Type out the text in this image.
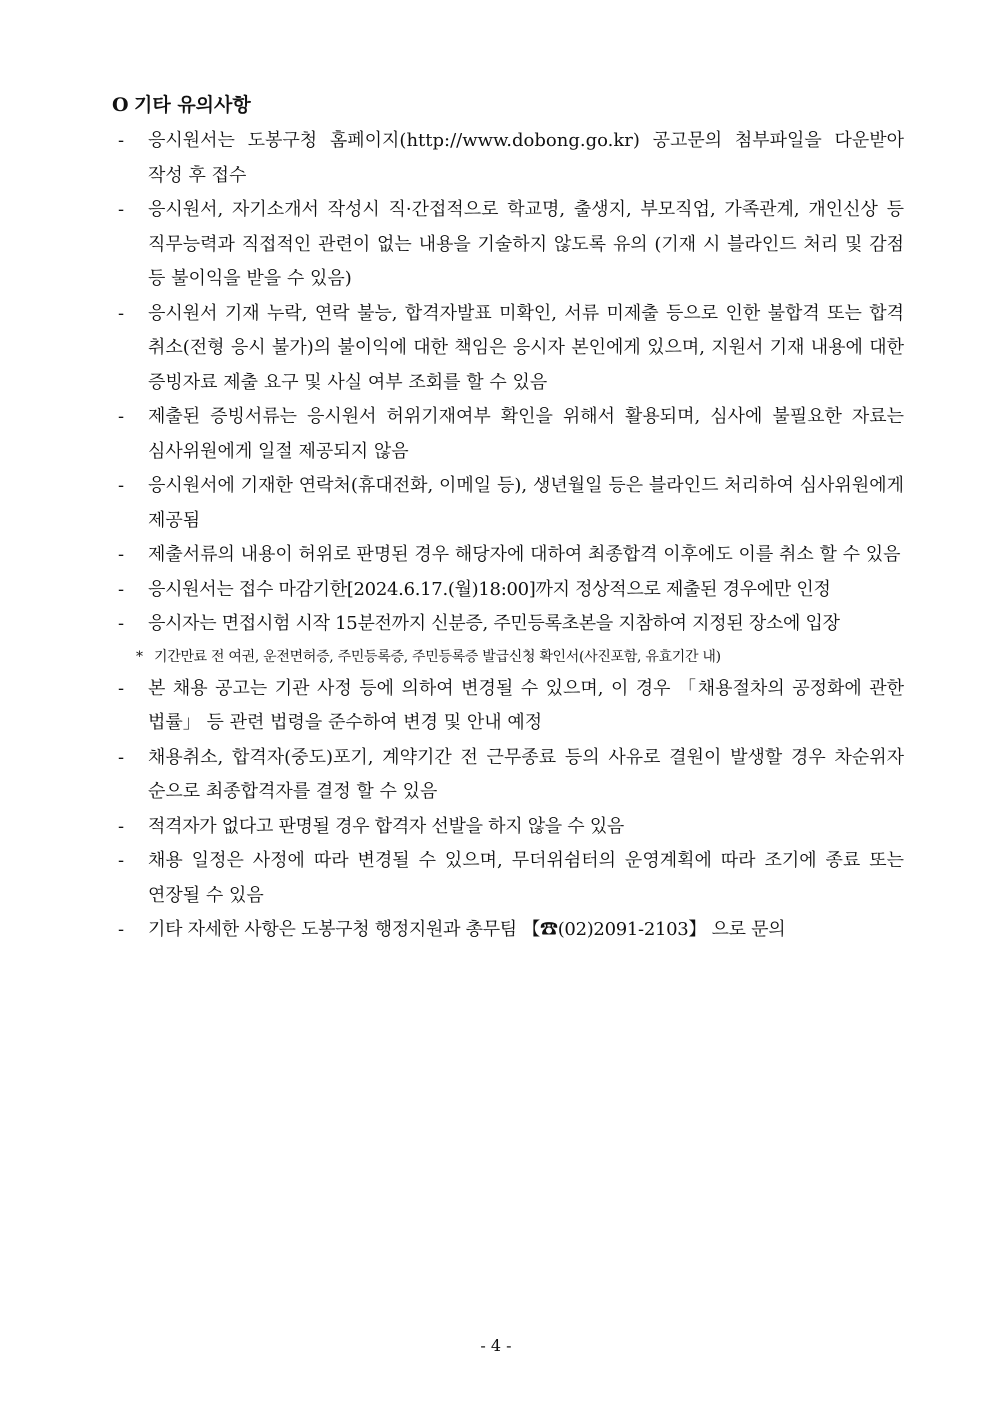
O 기타 유의사항
-	응시원서는 도봉구청 홈페이지(http://www.dobong.go.kr) 공고문의 첨부파일을 다운받아 작성 후 접수
-	응시원서, 자기소개서 작성시 직·간접적으로 학교명, 출생지, 부모직업, 가족관계, 개인신상 등 직무능력과 직접적인 관련이 없는 내용을 기술하지 않도록 유의 (기재 시 블라인드 처리 및 감점 등 불이익을 받을 수 있음)
-	응시원서 기재 누락, 연락 불능, 합격자발표 미확인, 서류 미제출 등으로 인한 불합격 또는 합격 취소(전형 응시 불가)의 불이익에 대한 책임은 응시자 본인에게 있으며, 지원서 기재 내용에 대한 증빙자료 제출 요구 및 사실 여부 조회를 할 수 있음
-	제출된 증빙서류는 응시원서 허위기재여부 확인을 위해서 활용되며, 심사에 불필요한 자료는 심사위원에게 일절 제공되지 않음
-	응시원서에 기재한 연락처(휴대전화, 이메일 등), 생년월일 등은 블라인드 처리하여 심사위원에게 제공됨
-	제출서류의 내용이 허위로 판명된 경우 해당자에 대하여 최종합격 이후에도 이를 취소 할 수 있음
-	응시원서는 접수 마감기한[2024.6.17.(월)18:00]까지 정상적으로 제출된 경우에만 인정
-	응시자는 면접시험 시작 15분전까지 신분증, 주민등록초본을 지참하여 지정된 장소에 입장
* 기간만료 전 여권, 운전면허증, 주민등록증, 주민등록증 발급신청 확인서(사진포함, 유효기간 내)
-	본 채용 공고는 기관 사정 등에 의하여 변경될 수 있으며, 이 경우 「채용절차의 공정화에 관한 법률」 등 관련 법령을 준수하여 변경 및 안내 예정
-	채용취소, 합격자(중도)포기, 계약기간 전 근무종료 등의 사유로 결원이 발생할 경우 차순위자 순으로 최종합격자를 결정 할 수 있음
-	적격자가 없다고 판명될 경우 합격자 선발을 하지 않을 수 있음
-	채용 일정은 사정에 따라 변경될 수 있으며, 무더위쉼터의 운영계획에 따라 조기에 종료 또는 연장될 수 있음
-	기타 자세한 사항은 도봉구청 행정지원과 총무팀 【☎(02)2091-2103】 으로 문의
- 4 -
